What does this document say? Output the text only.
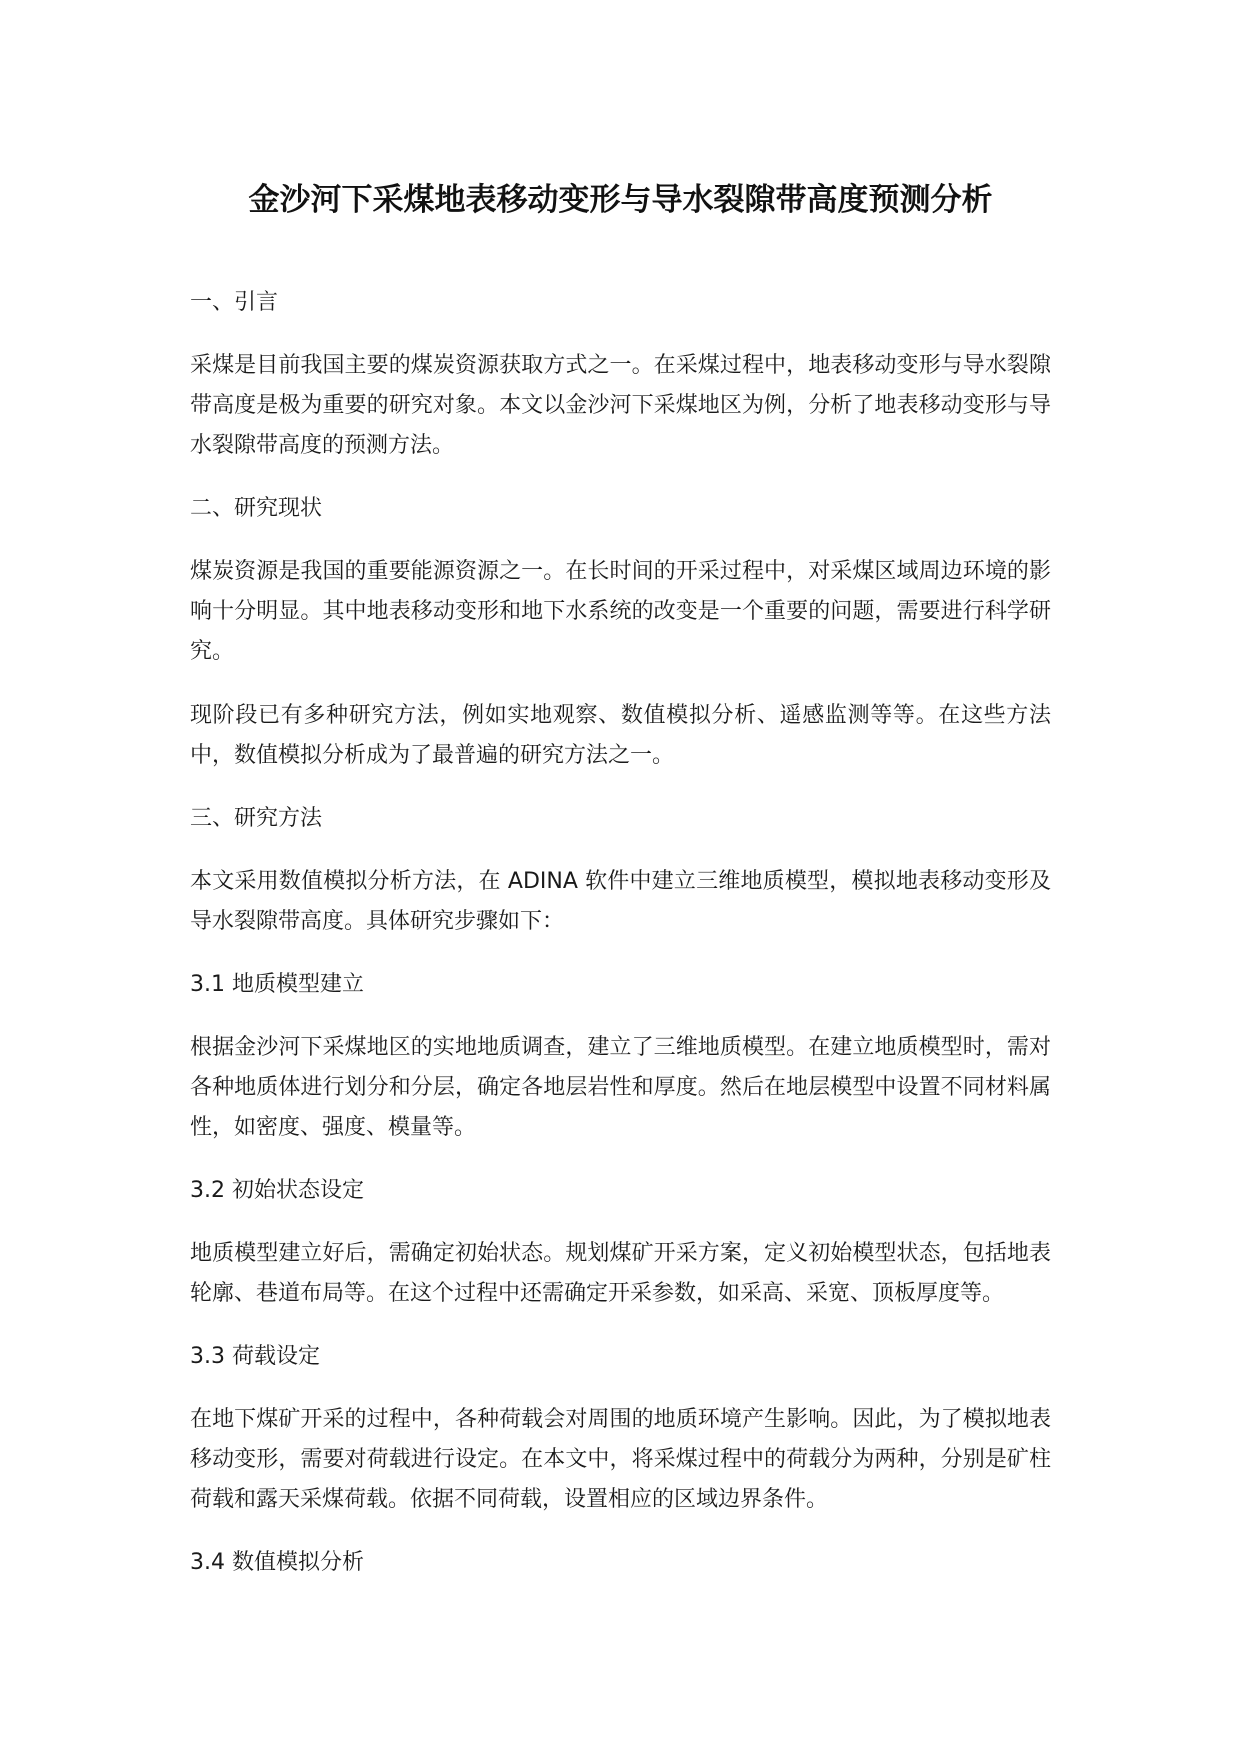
金沙河下采煤地表移动变形与导水裂隙带高度预测分析

一、引言

采煤是目前我国主要的煤炭资源获取方式之一。在采煤过程中，地表移动变形与导水裂隙带高度是极为重要的研究对象。本文以金沙河下采煤地区为例，分析了地表移动变形与导水裂隙带高度的预测方法。

二、研究现状

煤炭资源是我国的重要能源资源之一。在长时间的开采过程中，对采煤区域周边环境的影响十分明显。其中地表移动变形和地下水系统的改变是一个重要的问题，需要进行科学研究。

现阶段已有多种研究方法，例如实地观察、数值模拟分析、遥感监测等等。在这些方法中，数值模拟分析成为了最普遍的研究方法之一。

三、研究方法

本文采用数值模拟分析方法，在 ADINA 软件中建立三维地质模型，模拟地表移动变形及导水裂隙带高度。具体研究步骤如下：

3.1 地质模型建立

根据金沙河下采煤地区的实地地质调查，建立了三维地质模型。在建立地质模型时，需对各种地质体进行划分和分层，确定各地层岩性和厚度。然后在地层模型中设置不同材料属性，如密度、强度、模量等。

3.2 初始状态设定

地质模型建立好后，需确定初始状态。规划煤矿开采方案，定义初始模型状态，包括地表轮廓、巷道布局等。在这个过程中还需确定开采参数，如采高、采宽、顶板厚度等。

3.3 荷载设定

在地下煤矿开采的过程中，各种荷载会对周围的地质环境产生影响。因此，为了模拟地表移动变形，需要对荷载进行设定。在本文中，将采煤过程中的荷载分为两种，分别是矿柱荷载和露天采煤荷载。依据不同荷载，设置相应的区域边界条件。

3.4 数值模拟分析
